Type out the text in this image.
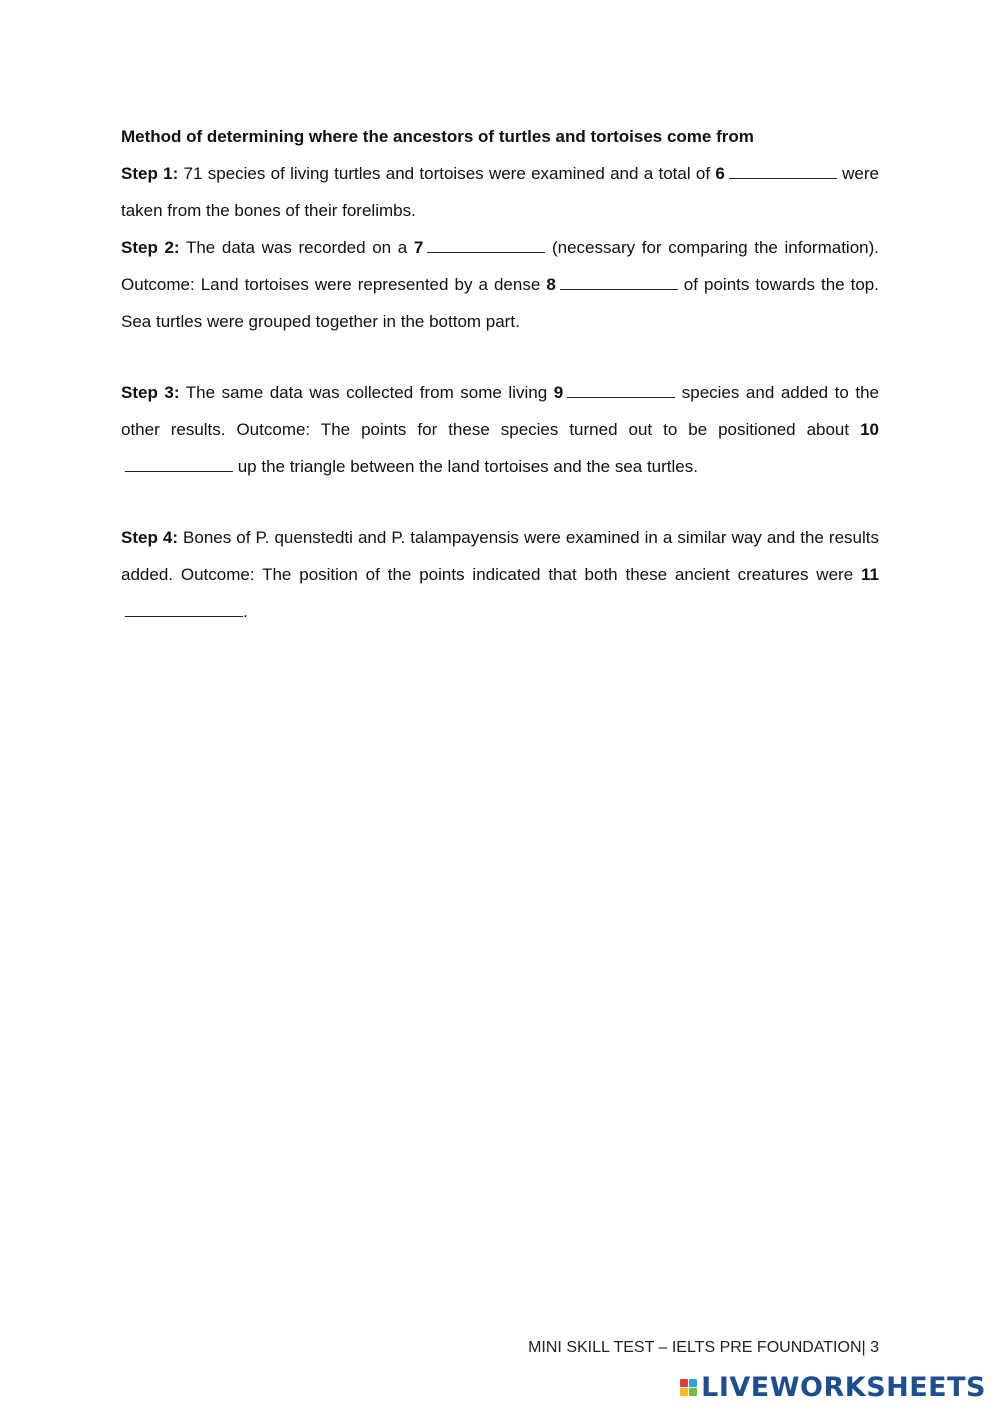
Method of determining where the ancestors of turtles and tortoises come from

Step 1: 71 species of living turtles and tortoises were examined and a total of 6	were taken from the bones of their forelimbs.

Step 2: The data was recorded on a 7	(necessary for comparing the information). Outcome: Land tortoises were represented by a dense 8	of points towards the top. Sea turtles were grouped together in the bottom part.

Step 3: The same data was collected from some living 9	species and added to the other results. Outcome: The points for these species turned out to be positioned about 10 up the triangle between the land tortoises and the sea turtles.

Step 4: Bones of P. quenstedti and P. talampayensis were examined in a similar way and the results added. Outcome: The position of the points indicated that both these ancient creatures were 11.

MINI SKILL TEST – IELTS PRE FOUNDATION| 3
LIVEWORKSHEETS
